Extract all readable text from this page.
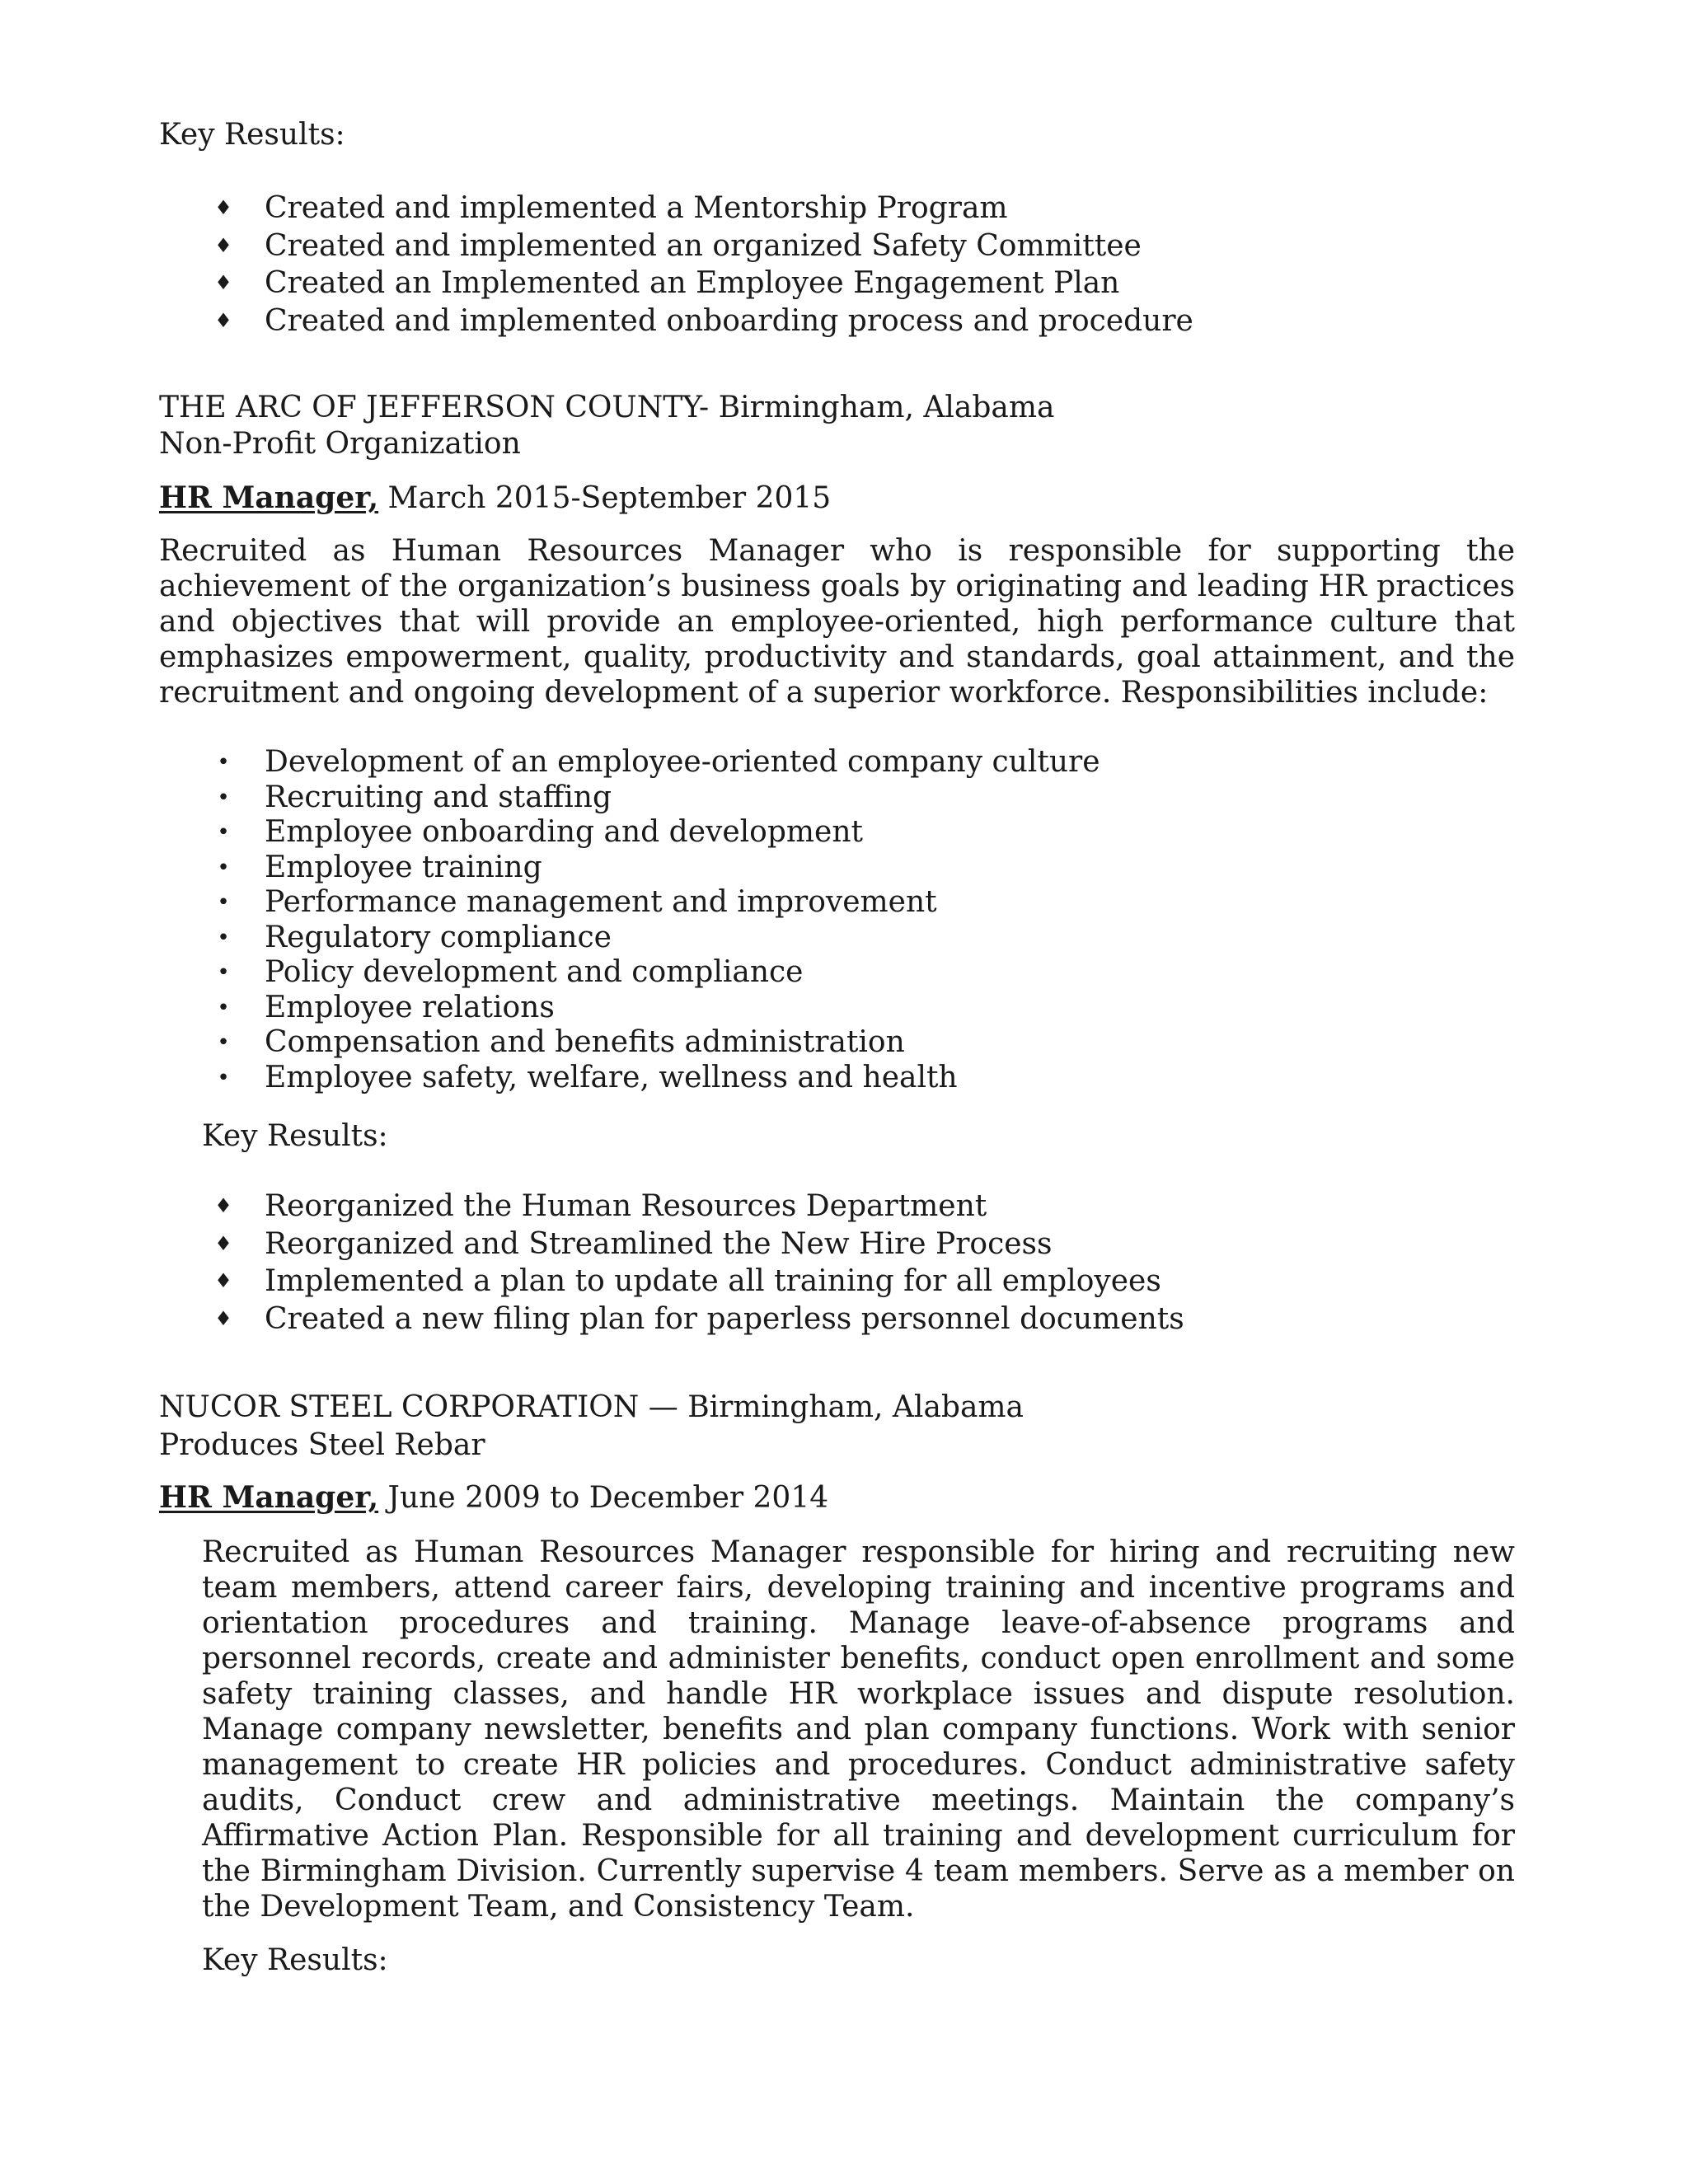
Key Results:
♦ Created and implemented a Mentorship Program
♦ Created and implemented an organized Safety Committee
♦ Created an Implemented an Employee Engagement Plan
♦ Created and implemented onboarding process and procedure
THE ARC OF JEFFERSON COUNTY- Birmingham, Alabama
Non-Profit Organization
HR Manager, March 2015-September 2015
Recruited as Human Resources Manager who is responsible for supporting the achievement of the organization’s business goals by originating and leading HR practices and objectives that will provide an employee-oriented, high performance culture that emphasizes empowerment, quality, productivity and standards, goal attainment, and the recruitment and ongoing development of a superior workforce. Responsibilities include:
• Development of an employee-oriented company culture
• Recruiting and staffing
• Employee onboarding and development
• Employee training
• Performance management and improvement
• Regulatory compliance
• Policy development and compliance
• Employee relations
• Compensation and benefits administration
• Employee safety, welfare, wellness and health
Key Results:
♦ Reorganized the Human Resources Department
♦ Reorganized and Streamlined the New Hire Process
♦ Implemented a plan to update all training for all employees
♦ Created a new filing plan for paperless personnel documents
NUCOR STEEL CORPORATION — Birmingham, Alabama
Produces Steel Rebar
HR Manager, June 2009 to December 2014
Recruited as Human Resources Manager responsible for hiring and recruiting new team members, attend career fairs, developing training and incentive programs and orientation procedures and training. Manage leave-of-absence programs and personnel records, create and administer benefits, conduct open enrollment and some safety training classes, and handle HR workplace issues and dispute resolution. Manage company newsletter, benefits and plan company functions. Work with senior management to create HR policies and procedures. Conduct administrative safety audits, Conduct crew and administrative meetings. Maintain the company’s Affirmative Action Plan. Responsible for all training and development curriculum for the Birmingham Division. Currently supervise 4 team members. Serve as a member on the Development Team, and Consistency Team.
Key Results:
